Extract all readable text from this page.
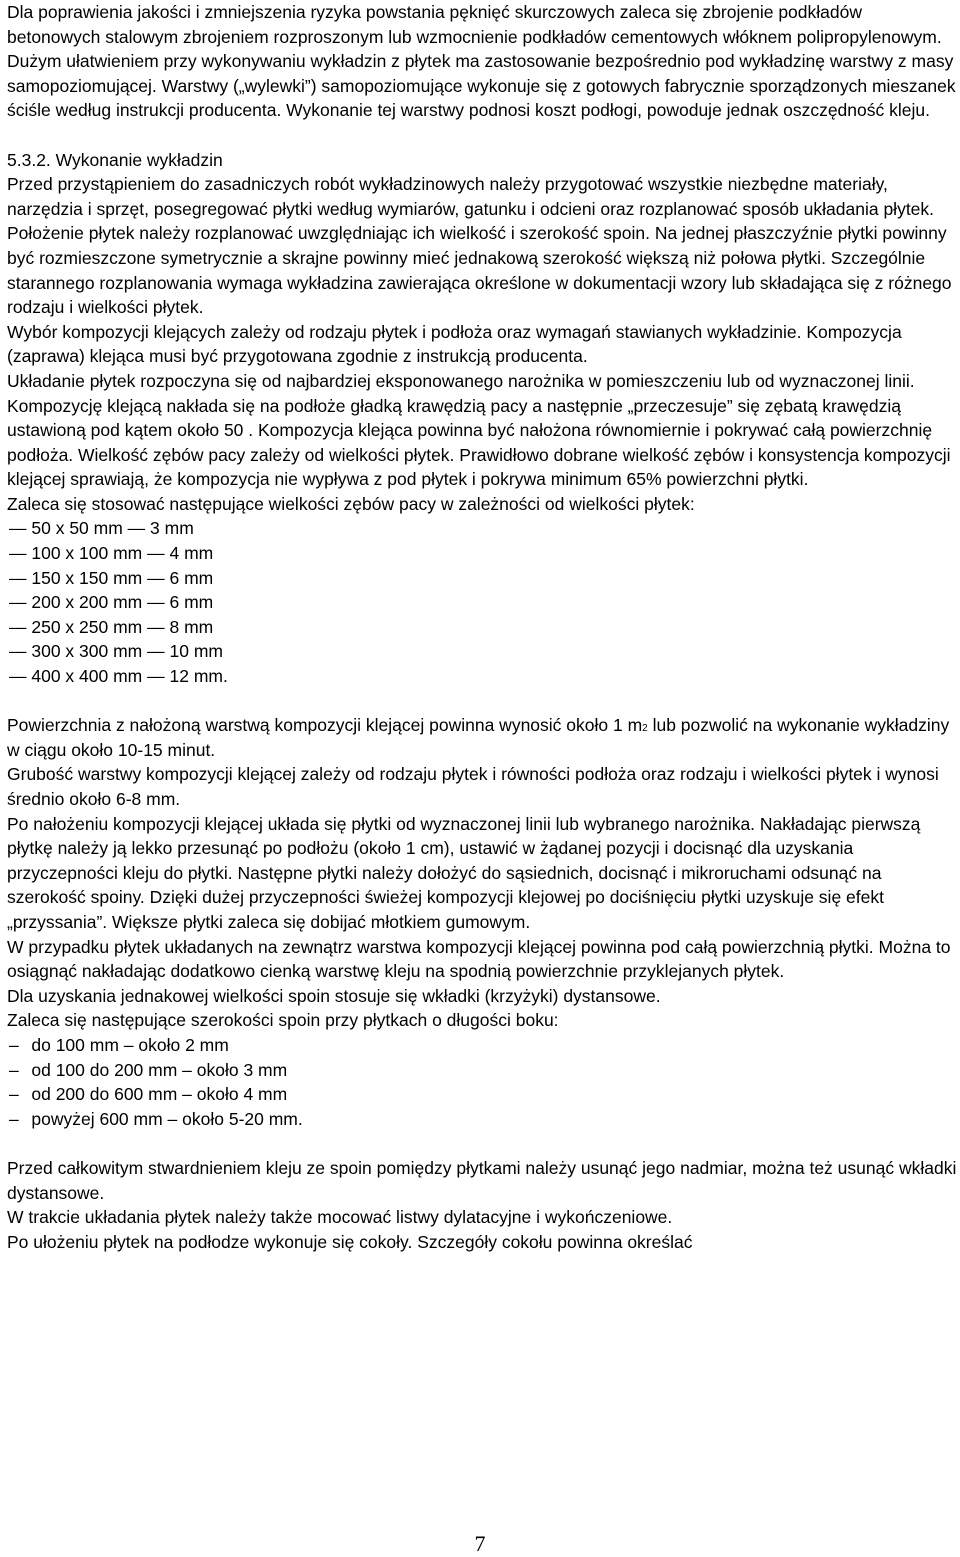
Dla poprawienia jakości i zmniejszenia ryzyka powstania pęknięć skurczowych zaleca się zbrojenie podkładów betonowych stalowym zbrojeniem rozproszonym lub wzmocnienie podkładów cementowych włóknem polipropylenowym.

Dużym ułatwieniem przy wykonywaniu wykładzin z płytek ma zastosowanie bezpośrednio pod wykładzinę warstwy z masy samopoziomującej. Warstwy („wylewki”) samopoziomujące wykonuje się z gotowych fabrycznie sporządzonych mieszanek ściśle według instrukcji producenta. Wykonanie tej warstwy podnosi koszt podłogi, powoduje jednak oszczędność kleju.

5.3.2. Wykonanie wykładzin

Przed przystąpieniem do zasadniczych robót wykładzinowych należy przygotować wszystkie niezbędne materiały, narzędzia i sprzęt, posegregować płytki według wymiarów, gatunku i odcieni oraz rozplanować sposób układania płytek.

Położenie płytek należy rozplanować uwzględniając ich wielkość i szerokość spoin. Na jednej płaszczyźnie płytki powinny być rozmieszczone symetrycznie a skrajne powinny mieć jednakową szerokość większą niż połowa płytki. Szczególnie starannego rozplanowania wymaga wykładzina zawierająca określone w dokumentacji wzory lub składająca się z różnego rodzaju i wielkości płytek.

Wybór kompozycji klejących zależy od rodzaju płytek i podłoża oraz wymagań stawianych wykładzinie. Kompozycja (zaprawa) klejąca musi być przygotowana zgodnie z instrukcją producenta.

Układanie płytek rozpoczyna się od najbardziej eksponowanego narożnika w pomieszczeniu lub od wyznaczonej linii.

Kompozycję klejącą nakłada się na podłoże gładką krawędzią pacy a następnie „przeczesuje” się zębatą krawędzią ustawioną pod kątem około 50 . Kompozycja klejąca powinna być nałożona równomiernie i pokrywać całą powierzchnię podłoża. Wielkość zębów pacy zależy od wielkości płytek. Prawidłowo dobrane wielkość zębów i konsystencja kompozycji klejącej sprawiają, że kompozycja nie wypływa z pod płytek i pokrywa minimum 65% powierzchni płytki.

Zaleca się stosować następujące wielkości zębów pacy w zależności od wielkości płytek:

— 50 x 50 mm — 3 mm
— 100 x 100 mm — 4 mm
— 150 x 150 mm — 6 mm
— 200 x 200 mm — 6 mm
— 250 x 250 mm — 8 mm
— 300 x 300 mm — 10 mm
— 400 x 400 mm — 12 mm.

Powierzchnia z nałożoną warstwą kompozycji klejącej powinna wynosić około 1 m2 lub pozwolić na wykonanie wykładziny w ciągu około 10-15 minut.

Grubość warstwy kompozycji klejącej zależy od rodzaju płytek i równości podłoża oraz rodzaju i wielkości płytek i wynosi średnio około 6-8 mm.

Po nałożeniu kompozycji klejącej układa się płytki od wyznaczonej linii lub wybranego narożnika. Nakładając pierwszą płytkę należy ją lekko przesunąć po podłożu (około 1 cm), ustawić w żądanej pozycji i docisnąć dla uzyskania przyczepności kleju do płytki. Następne płytki należy dołożyć do sąsiednich, docisnąć i mikroruchami odsunąć na szerokość spoiny. Dzięki dużej przyczepności świeżej kompozycji klejowej po dociśnięciu płytki uzyskuje się efekt „przyssania”. Większe płytki zaleca się dobijać młotkiem gumowym.

W przypadku płytek układanych na zewnątrz warstwa kompozycji klejącej powinna pod całą powierzchnią płytki. Można to osiągnąć nakładając dodatkowo cienką warstwę kleju na spodnią powierzchnie przyklejanych płytek.

Dla uzyskania jednakowej wielkości spoin stosuje się wkładki (krzyżyki) dystansowe.

Zaleca się następujące szerokości spoin przy płytkach o długości boku:

– do 100 mm – około 2 mm
– od 100 do 200 mm – około 3 mm
– od 200 do 600 mm – około 4 mm
– powyżej 600 mm – około 5-20 mm.

Przed całkowitym stwardnieniem kleju ze spoin pomiędzy płytkami należy usunąć jego nadmiar, można też usunąć wkładki dystansowe.

W trakcie układania płytek należy także mocować listwy dylatacyjne i wykończeniowe.

Po ułożeniu płytek na podłodze wykonuje się cokoły. Szczegóły cokołu powinna określać

7
